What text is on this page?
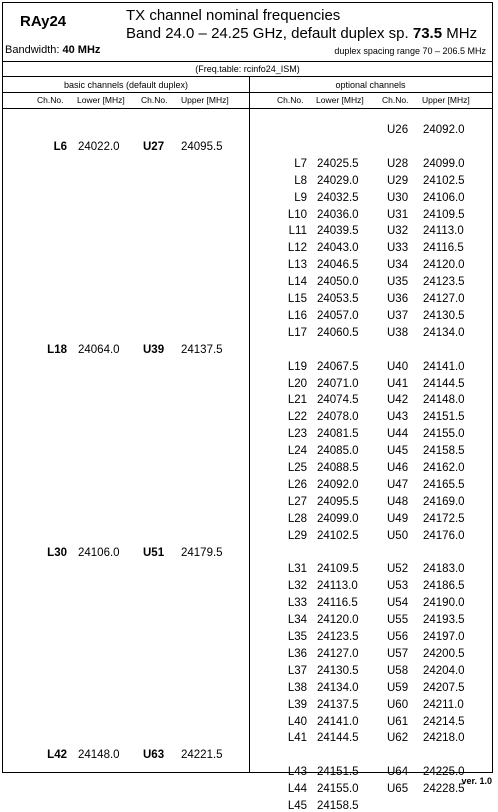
RAy24	TX channel nominal frequencies
Band 24.0 – 24.25 GHz, default duplex sp. 73.5 MHz
Bandwidth: 40 MHz	duplex spacing range 70 – 206.5 MHz
(Freq.table: rcinfo24_ISM)
basic channels (default duplex)	optional channels
Ch.No. Lower [MHz] Ch.No. Upper [MHz]	Ch.No. Lower [MHz] Ch.No. Upper [MHz]
L6 24022.0 U27 24095.5
L18 24064.0 U39 24137.5
L30 24106.0 U51 24179.5
L42 24148.0 U63 24221.5
U26 24092.0
L7 24025.5 U28 24099.0
L8 24029.0 U29 24102.5
L9 24032.5 U30 24106.0
L10 24036.0 U31 24109.5
L11 24039.5 U32 24113.0
L12 24043.0 U33 24116.5
L13 24046.5 U34 24120.0
L14 24050.0 U35 24123.5
L15 24053.5 U36 24127.0
L16 24057.0 U37 24130.5
L17 24060.5 U38 24134.0
L19 24067.5 U40 24141.0
L20 24071.0 U41 24144.5
L21 24074.5 U42 24148.0
L22 24078.0 U43 24151.5
L23 24081.5 U44 24155.0
L24 24085.0 U45 24158.5
L25 24088.5 U46 24162.0
L26 24092.0 U47 24165.5
L27 24095.5 U48 24169.0
L28 24099.0 U49 24172.5
L29 24102.5 U50 24176.0
L31 24109.5 U52 24183.0
L32 24113.0	U53 24186.5
L33 24116.5	U54 24190.0
L34 24120.0 U55 24193.5
L35 24123.5 U56 24197.0
L36 24127.0 U57 24200.5
L37 24130.5 U58 24204.0
L38 24134.0 U59 24207.5
L39 24137.5 U60 24211.0
L40 24141.0 U61 24214.5
L41 24144.5 U62 24218.0
L43 24151.5 U64 24225.0
L44 24155.0 U65 24228.5
L45 24158.5
ver. 1.0
